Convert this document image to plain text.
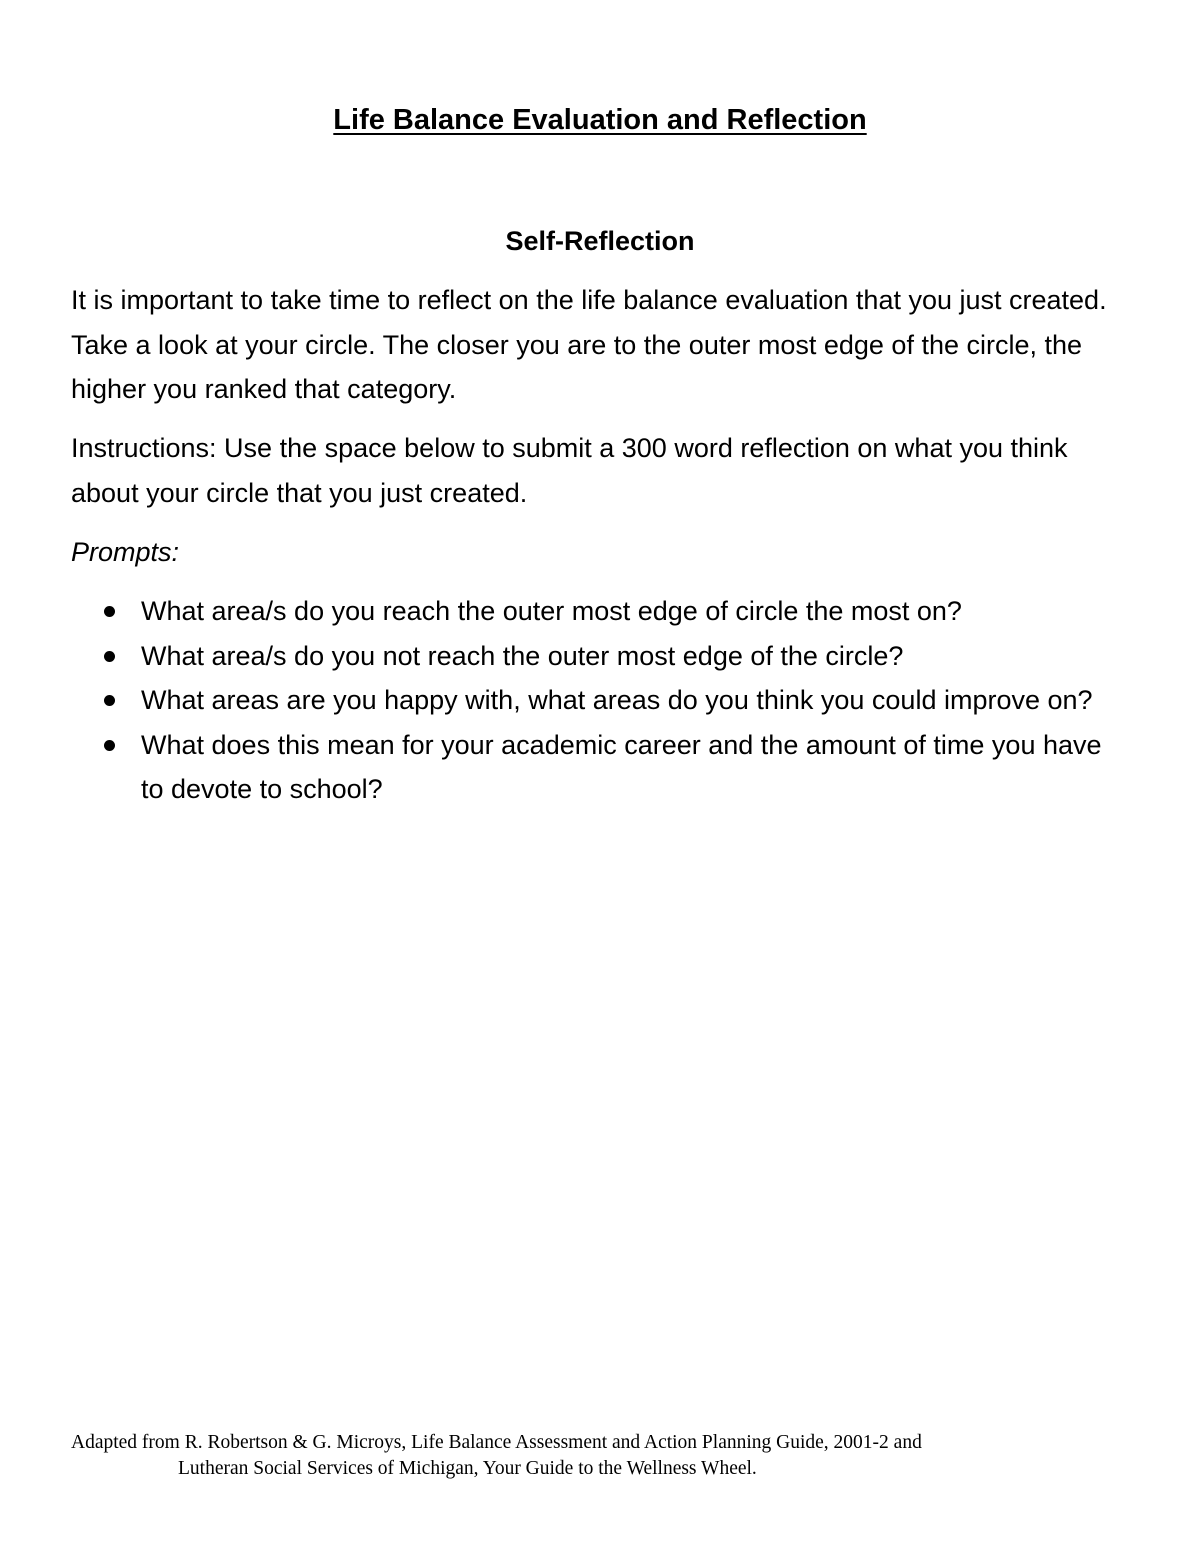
Life Balance Evaluation and Reflection
Self-Reflection

It is important to take time to reflect on the life balance evaluation that you just created. Take a look at your circle. The closer you are to the outer most edge of the circle, the higher you ranked that category.

Instructions: Use the space below to submit a 300 word reflection on what you think about your circle that you just created.

Prompts:

What area/s do you reach the outer most edge of circle the most on?
What area/s do you not reach the outer most edge of the circle?
What areas are you happy with, what areas do you think you could improve on?
What does this mean for your academic career and the amount of time you have to devote to school?

Adapted from R. Robertson & G. Microys, Life Balance Assessment and Action Planning Guide, 2001-2 and
Lutheran Social Services of Michigan, Your Guide to the Wellness Wheel.
